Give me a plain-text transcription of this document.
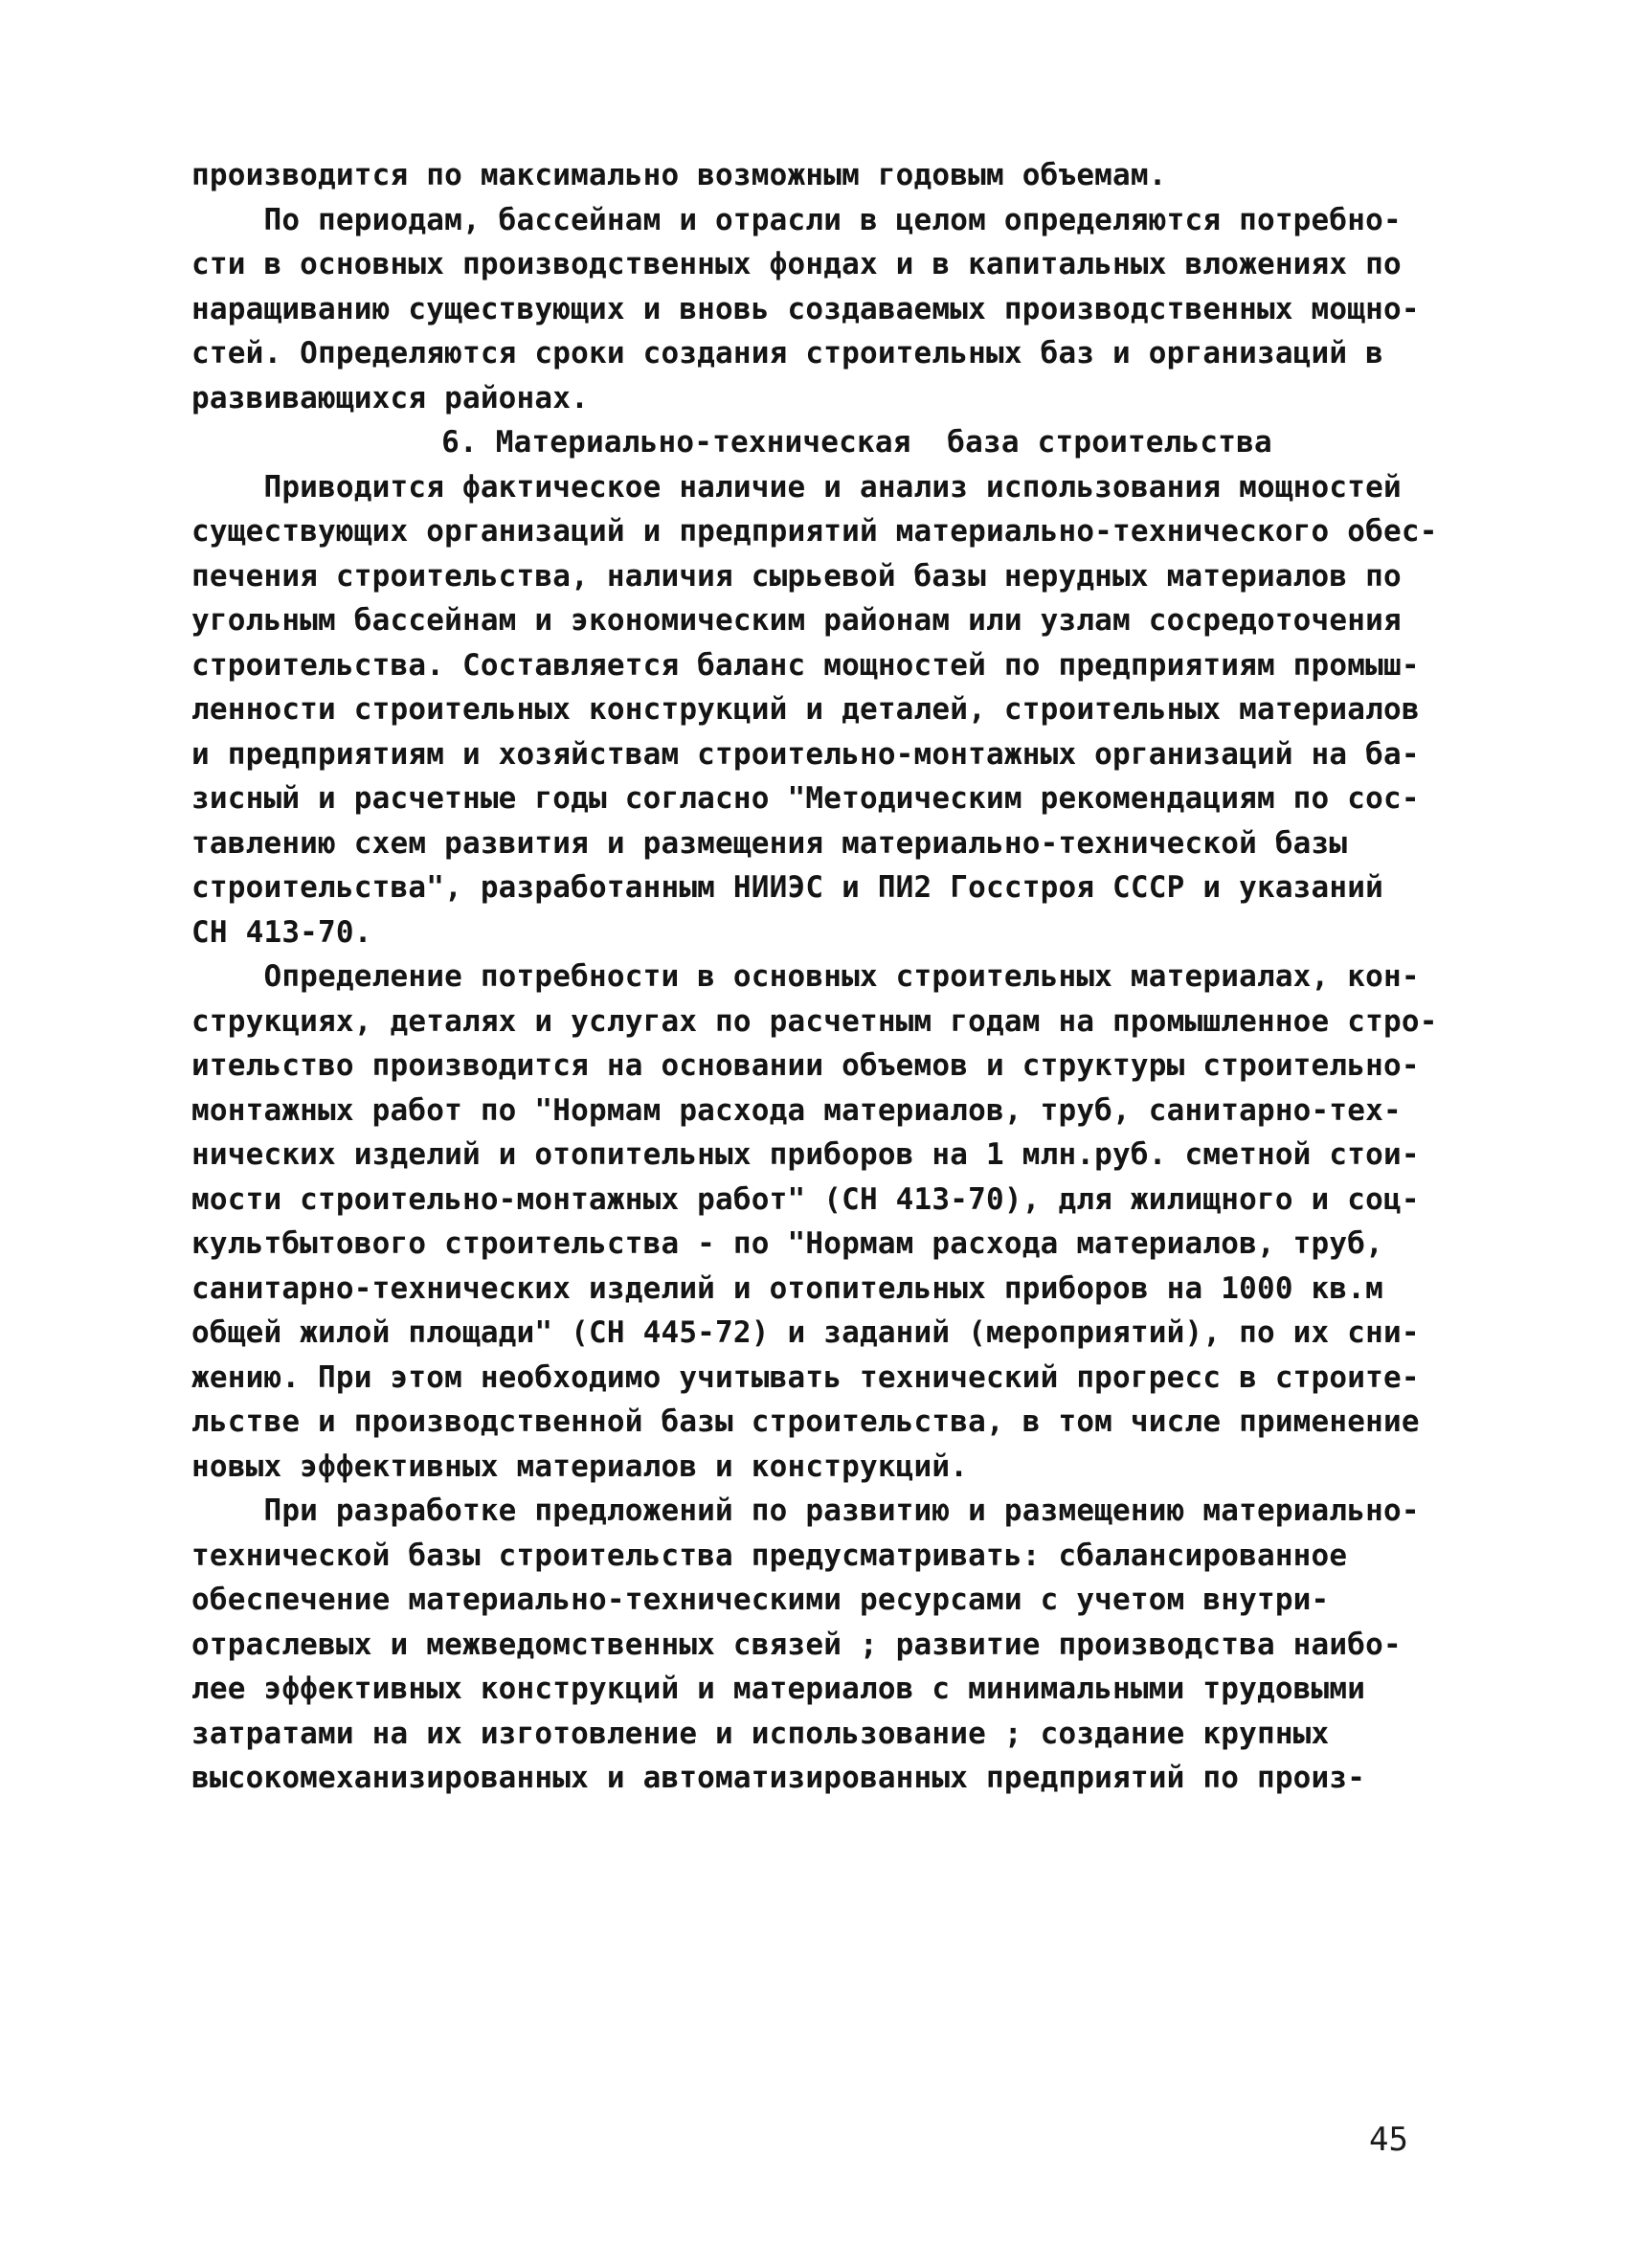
производится по максимально возможным годовым объемам.
По периодам, бассейнам и отрасли в целом определяются потребно-
сти в основных производственных фондах и в капитальных вложениях по
наращиванию существующих и вновь создаваемых производственных мощно-
стей. Определяются сроки создания строительных баз и организаций в
развивающихся районах.
6. Материально-техническая  база строительства
Приводится фактическое наличие и анализ использования мощностей
существующих организаций и предприятий материально-технического обес-
печения строительства, наличия сырьевой базы нерудных материалов по
угольным бассейнам и экономическим районам или узлам сосредоточения
строительства. Составляется баланс мощностей по предприятиям промыш-
ленности строительных конструкций и деталей, строительных материалов
и предприятиям и хозяйствам строительно-монтажных организаций на ба-
зисный и расчетные годы согласно "Методическим рекомендациям по сос-
тавлению схем развития и размещения материально-технической базы
строительства", разработанным НИИЭС и ПИ2 Госстроя СССР и указаний
СН 413-70.
Определение потребности в основных строительных материалах, кон-
струкциях, деталях и услугах по расчетным годам на промышленное стро-
ительство производится на основании объемов и структуры строительно-
монтажных работ по "Нормам расхода материалов, труб, санитарно-тех-
нических изделий и отопительных приборов на 1 млн.руб. сметной стои-
мости строительно-монтажных работ" (СН 413-70), для жилищного и соц-
культбытового строительства - по "Нормам расхода материалов, труб,
санитарно-технических изделий и отопительных приборов на 1000 кв.м
общей жилой площади" (СН 445-72) и заданий (мероприятий), по их сни-
жению. При этом необходимо учитывать технический прогресс в строите-
льстве и производственной базы строительства, в том числе применение
новых эффективных материалов и конструкций.
При разработке предложений по развитию и размещению материально-
технической базы строительства предусматривать: сбалансированное
обеспечение материально-техническими ресурсами с учетом внутри-
отраслевых и межведомственных связей ; развитие производства наибо-
лее эффективных конструкций и материалов с минимальными трудовыми
затратами на их изготовление и использование ; создание крупных
высокомеханизированных и автоматизированных предприятий по произ-
45
